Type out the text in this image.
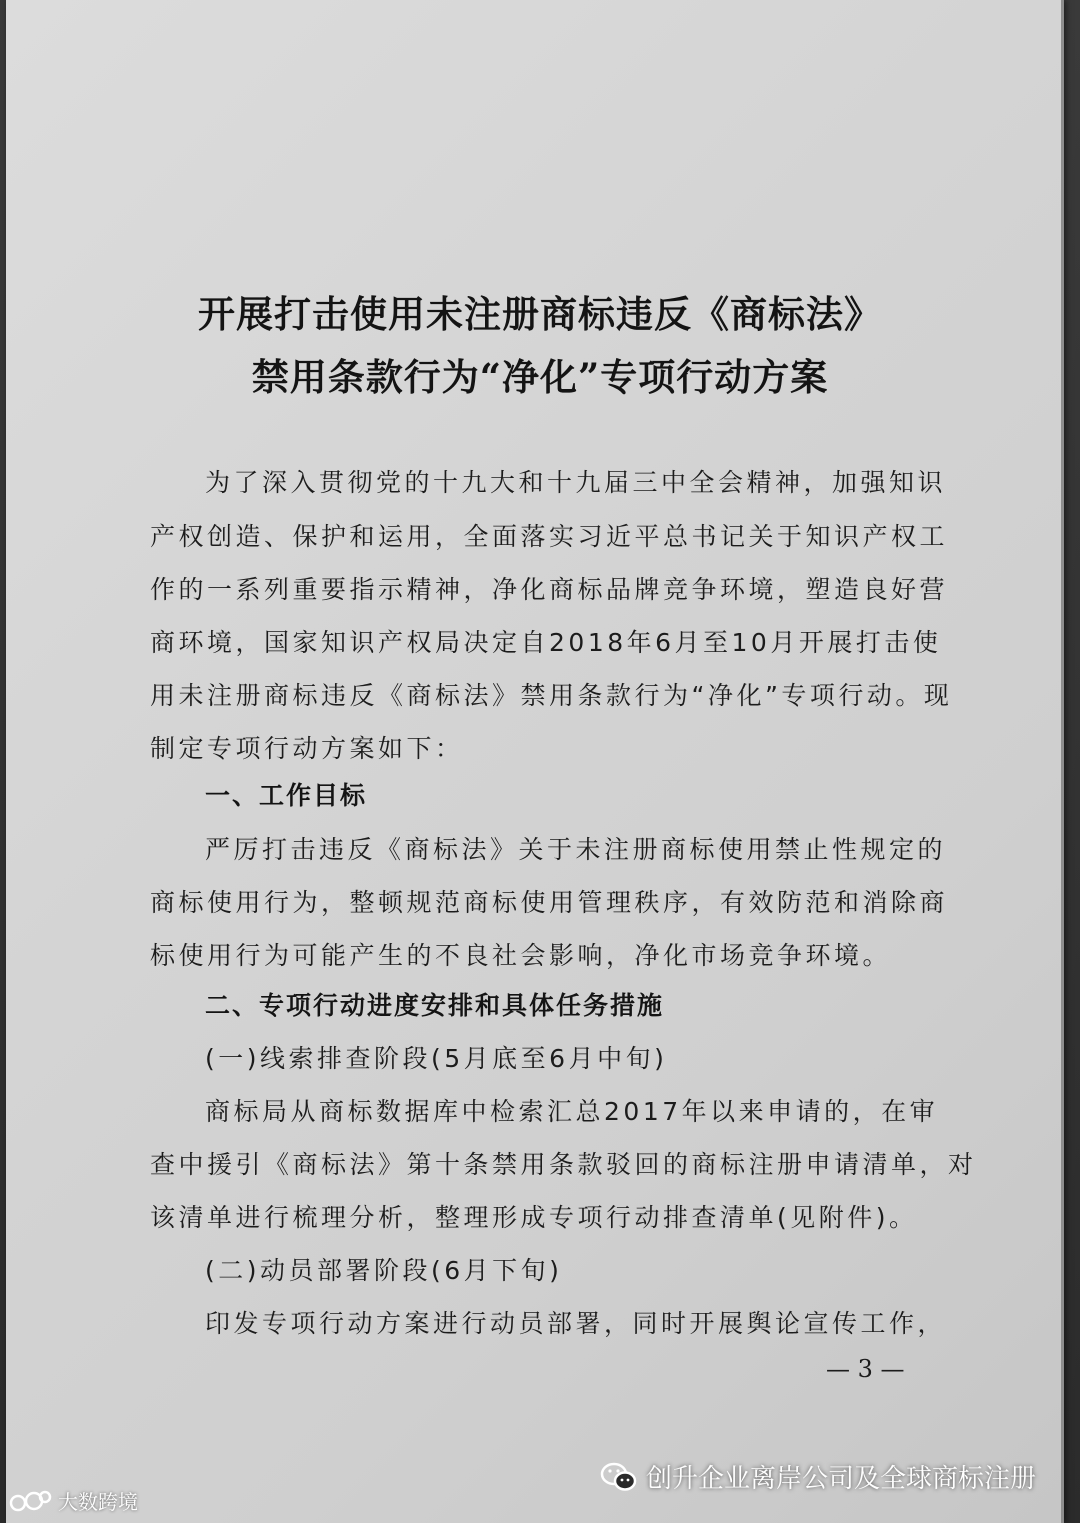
开展打击使用未注册商标违反《商标法》
禁用条款行为“净化”专项行动方案
为了深入贯彻党的十九大和十九届三中全会精神，加强知识
产权创造、保护和运用，全面落实习近平总书记关于知识产权工
作的一系列重要指示精神，净化商标品牌竞争环境，塑造良好营
商环境，国家知识产权局决定自2018年6月至10月开展打击使
用未注册商标违反《商标法》禁用条款行为“净化”专项行动。现
制定专项行动方案如下：
一、工作目标
严厉打击违反《商标法》关于未注册商标使用禁止性规定的
商标使用行为，整顿规范商标使用管理秩序，有效防范和消除商
标使用行为可能产生的不良社会影响，净化市场竞争环境。
二、专项行动进度安排和具体任务措施
(一)线索排查阶段(5月底至6月中旬)
商标局从商标数据库中检索汇总2017年以来申请的，在审
查中援引《商标法》第十条禁用条款驳回的商标注册申请清单，对
该清单进行梳理分析，整理形成专项行动排查清单(见附件)。
(二)动员部署阶段(6月下旬)
印发专项行动方案进行动员部署，同时开展舆论宣传工作，
— 3 —
大数跨境
创升企业离岸公司及全球商标注册
